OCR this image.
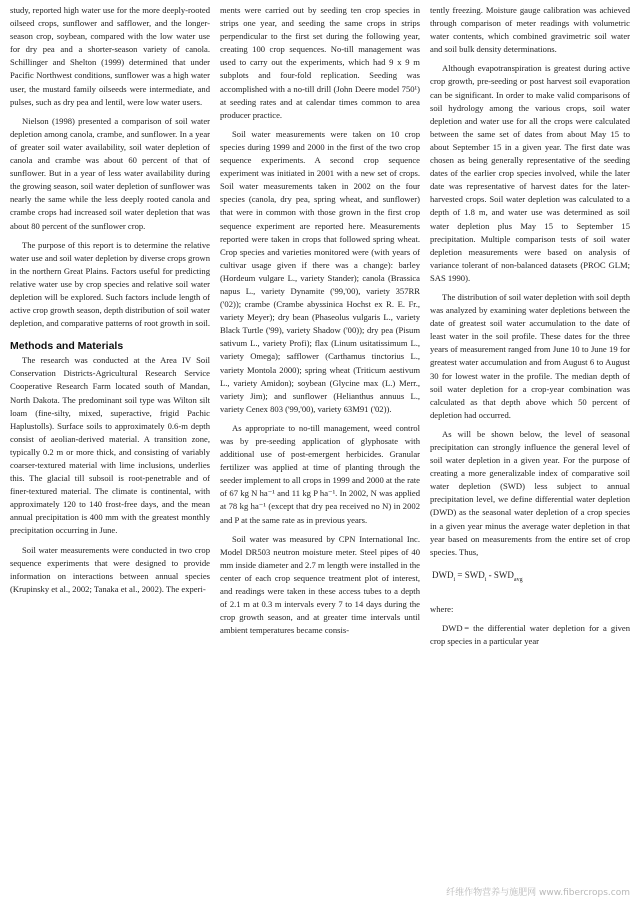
study, reported high water use for the more deeply-rooted oilseed crops, sunflower and safflower, and the longer-season crop, soybean, compared with the low water use for dry pea and a shorter-season variety of canola. Schillinger and Shelton (1999) determined that under Pacific Northwest conditions, sunflower was a high water user, the mustard family oilseeds were intermediate, and pulses, such as dry pea and lentil, were low water users.

Nielson (1998) presented a comparison of soil water depletion among canola, crambe, and sunflower. In a year of greater soil water availability, soil water depletion of canola and crambe was about 60 percent of that of sunflower. But in a year of less water availability during the growing season, soil water depletion of sunflower was nearly the same while the less deeply rooted canola and crambe crops had increased soil water depletion that was about 80 percent of the sunflower crop.

The purpose of this report is to determine the relative water use and soil water depletion by diverse crops grown in the northern Great Plains. Factors useful for predicting relative water use by crop species and relative soil water depletion will be explored. Such factors include length of active crop growth season, depth distribution of soil water depletion, and comparative patterns of root growth in soil.

Methods and Materials

The research was conducted at the Area IV Soil Conservation Districts-Agricultural Research Service Cooperative Research Farm located south of Mandan, North Dakota. The predominant soil type was Wilton silt loam (fine-silty, mixed, superactive, frigid Pachic Haplustolls). Surface soils to approximately 0.6-m depth consist of aeolian-derived material. A transition zone, typically 0.2 m or more thick, and consisting of variably coarser-textured material with lime inclusions, underlies this. The glacial till subsoil is root-penetrable and of finer-textured material. The climate is continental, with approximately 120 to 140 frost-free days, and the mean annual precipitation is 400 mm with the greatest monthly precipitation occurring in June.

Soil water measurements were conducted in two crop sequence experiments that were designed to provide information on interactions between annual species (Krupinsky et al., 2002; Tanaka et al., 2002). The experi-

ments were carried out by seeding ten crop species in strips one year, and seeding the same crops in strips perpendicular to the first set during the following year, creating 100 crop sequences. No-till management was used to carry out the experiments, which had 9 x 9 m subplots and four-fold replication. Seeding was accomplished with a no-till drill (John Deere model 750¹) at seeding rates and at calendar times common to area producer practice.

Soil water measurements were taken on 10 crop species during 1999 and 2000 in the first of the two crop sequence experiments. A second crop sequence experiment was initiated in 2001 with a new set of crops. Soil water measurements taken in 2002 on the four species (canola, dry pea, spring wheat, and sunflower) that were in common with those grown in the first crop sequence experiment are reported here. Measurements reported were taken in crops that followed spring wheat. Crop species and varieties monitored were (with years of cultivar usage given if there was a change): barley (Hordeum vulgare L., variety Stander); canola (Brassica napus L., variety Dynamite ('99,'00), variety 357RR ('02)); crambe (Crambe abyssinica Hochst ex R. E. Fr., variety Meyer); dry bean (Phaseolus vulgaris L., variety Black Turtle ('99), variety Shadow ('00)); dry pea (Pisum sativum L., variety Profi); flax (Linum usitatissimum L., variety Omega); safflower (Carthamus tinctorius L., variety Montola 2000); spring wheat (Triticum aestivum L., variety Amidon); soybean (Glycine max (L.) Merr., variety Jim); and sunflower (Helianthus annuus L., variety Cenex 803 ('99,'00), variety 63M91 ('02)).

As appropriate to no-till management, weed control was by pre-seeding application of glyphosate with additional use of post-emergent herbicides. Granular fertilizer was applied at time of planting through the seeder implement to all crops in 1999 and 2000 at the rate of 67 kg N ha⁻¹ and 11 kg P ha⁻¹. In 2002, N was applied at 78 kg ha⁻¹ (except that dry pea received no N) in 2002 and P at the same rate as in previous years.

Soil water was measured by CPN International Inc. Model DR503 neutron moisture meter. Steel pipes of 40 mm inside diameter and 2.7 m length were installed in the center of each crop sequence treatment plot of interest, and readings were taken in these access tubes to a depth of 2.1 m at 0.3 m intervals every 7 to 14 days during the crop growth season, and at greater time intervals until ambient temperatures became consis-

tently freezing. Moisture gauge calibration was achieved through comparison of meter readings with volumetric water contents, which combined gravimetric soil water and soil bulk density determinations.

Although evapotranspiration is greatest during active crop growth, pre-seeding or post harvest soil evaporation can be significant. In order to make valid comparisons of soil hydrology among the various crops, soil water depletion and water use for all the crops were calculated between the same set of dates from about May 15 to about September 15 in a given year. The first date was chosen as being generally representative of the seeding dates of the earlier crop species involved, while the later date was representative of harvest dates for the later-harvested crops. Soil water depletion was calculated to a depth of 1.8 m, and water use was determined as soil water depletion plus May 15 to September 15 precipitation. Multiple comparison tests of soil water depletion measurements were based on analysis of variance tolerant of non-balanced datasets (PROC GLM; SAS 1990).

The distribution of soil water depletion with soil depth was analyzed by examining water depletions between the date of greatest soil water accumulation to the date of least water in the soil profile. These dates for the three years of measurement ranged from June 10 to June 19 for greatest water accumulation and from August 6 to August 30 for lowest water in the profile. The median depth of soil water depletion for a crop-year combination was calculated as that depth above which 50 percent of depletion had occurred.

As will be shown below, the level of seasonal precipitation can strongly influence the general level of soil water depletion in a given year. For the purpose of creating a more generalizable index of comparative soil water depletion (SWD) less subject to annual precipitation level, we define differential water depletion (DWD) as the seasonal water depletion of a crop species in a given year minus the average water depletion in that year based on measurements from the entire set of crop species. Thus,

$DWD_i = SWD_i - SWD_{avg}$

where:

DWD = the differential water depletion for a given crop species in a particular year

纤维作物营养与施肥网 www.fibercrops.com
